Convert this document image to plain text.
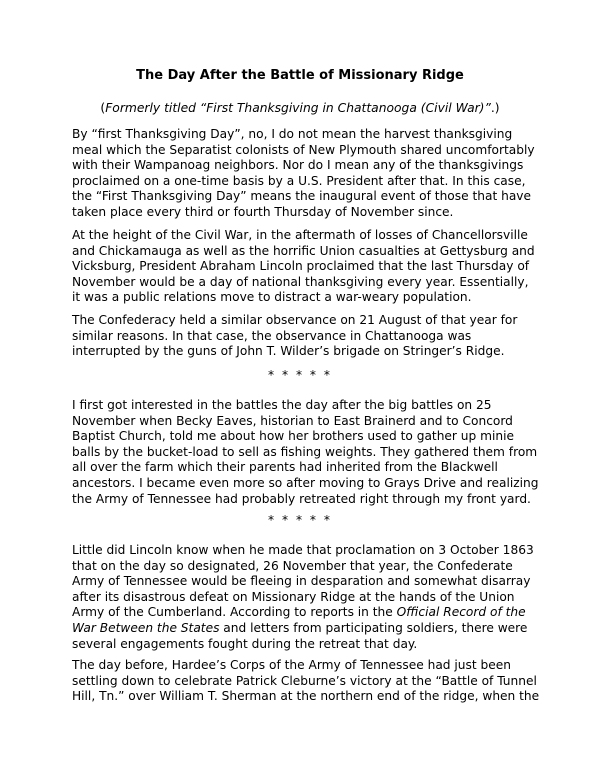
The Day After the Battle of Missionary Ridge
(Formerly titled “First Thanksgiving in Chattanooga (Civil War)”.)
By “first Thanksgiving Day”, no, I do not mean the harvest thanksgiving
meal which the Separatist colonists of New Plymouth shared uncomfortably
with their Wampanoag neighbors. Nor do I mean any of the thanksgivings
proclaimed on a one-time basis by a U.S. President after that. In this case,
the “First Thanksgiving Day” means the inaugural event of those that have
taken place every third or fourth Thursday of November since.
At the height of the Civil War, in the aftermath of losses of Chancellorsville
and Chickamauga as well as the horrific Union casualties at Gettysburg and
Vicksburg, President Abraham Lincoln proclaimed that the last Thursday of
November would be a day of national thanksgiving every year. Essentially,
it was a public relations move to distract a war-weary population.
The Confederacy held a similar observance on 21 August of that year for
similar reasons. In that case, the observance in Chattanooga was
interrupted by the guns of John T. Wilder’s brigade on Stringer’s Ridge.
* * * * *
I first got interested in the battles the day after the big battles on 25
November when Becky Eaves, historian to East Brainerd and to Concord
Baptist Church, told me about how her brothers used to gather up minie
balls by the bucket-load to sell as fishing weights. They gathered them from
all over the farm which their parents had inherited from the Blackwell
ancestors. I became even more so after moving to Grays Drive and realizing
the Army of Tennessee had probably retreated right through my front yard.
* * * * *
Little did Lincoln know when he made that proclamation on 3 October 1863
that on the day so designated, 26 November that year, the Confederate
Army of Tennessee would be fleeing in desparation and somewhat disarray
after its disastrous defeat on Missionary Ridge at the hands of the Union
Army of the Cumberland. According to reports in the Official Record of the
War Between the States and letters from participating soldiers, there were
several engagements fought during the retreat that day.
The day before, Hardee’s Corps of the Army of Tennessee had just been
settling down to celebrate Patrick Cleburne’s victory at the “Battle of Tunnel
Hill, Tn.” over William T. Sherman at the northern end of the ridge, when the
